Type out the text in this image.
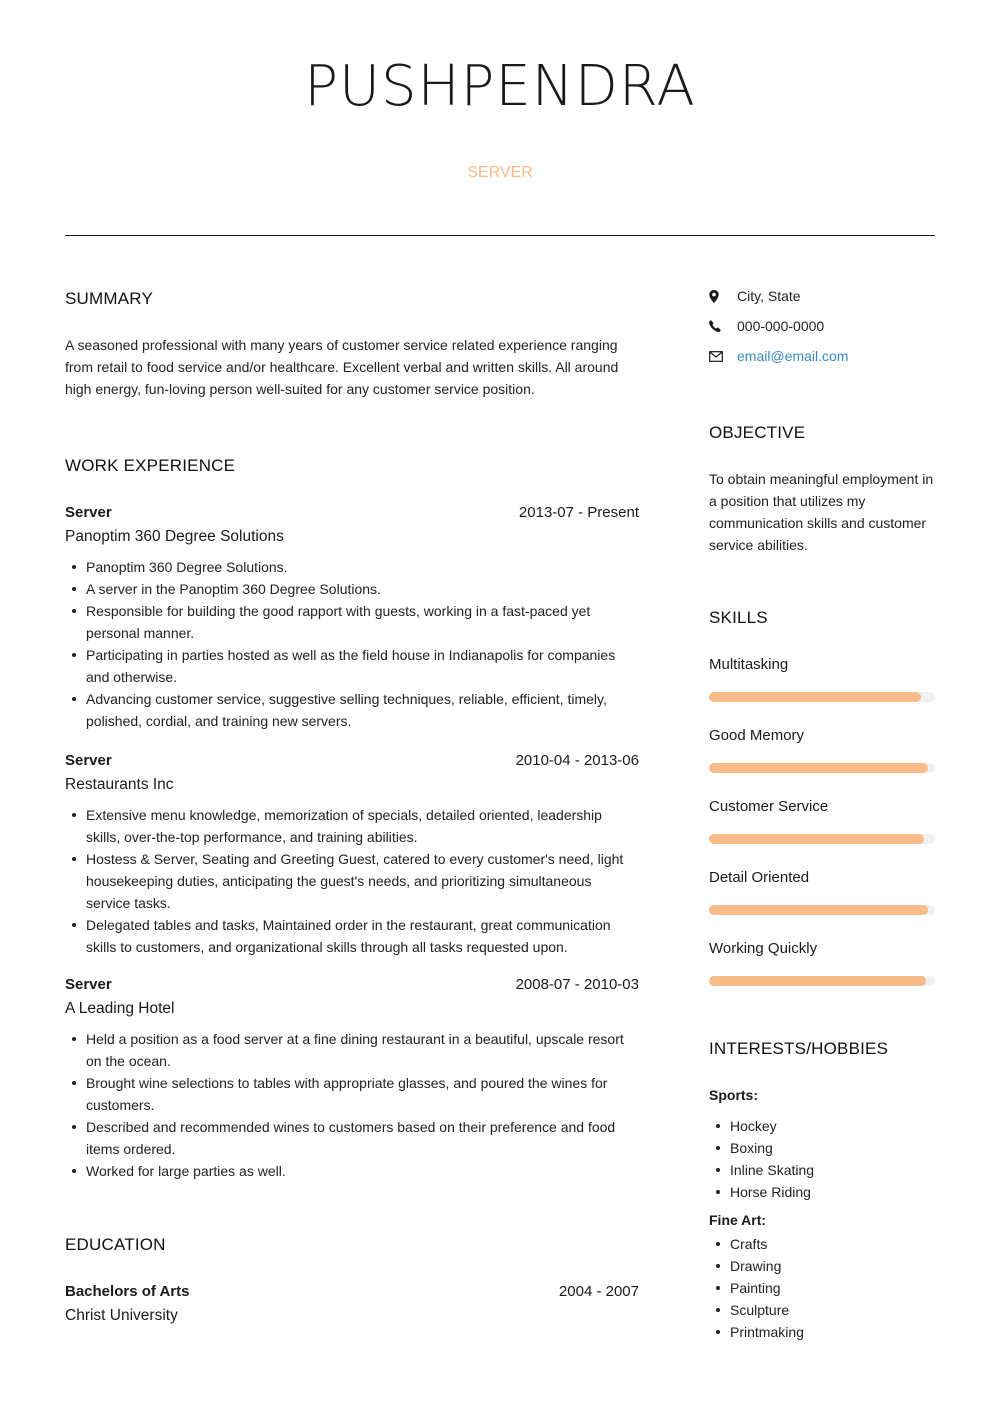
PUSHPENDRA
SERVER
SUMMARY
A seasoned professional with many years of customer service related experience ranging from retail to food service and/or healthcare. Excellent verbal and written skills. All around high energy, fun-loving person well-suited for any customer service position.
WORK EXPERIENCE
Server	2013-07 - Present
Panoptim 360 Degree Solutions
Panoptim 360 Degree Solutions.
A server in the Panoptim 360 Degree Solutions.
Responsible for building the good rapport with guests, working in a fast-paced yet personal manner.
Participating in parties hosted as well as the field house in Indianapolis for companies and otherwise.
Advancing customer service, suggestive selling techniques, reliable, efficient, timely, polished, cordial, and training new servers.
Server	2010-04 - 2013-06
Restaurants Inc
Extensive menu knowledge, memorization of specials, detailed oriented, leadership skills, over-the-top performance, and training abilities.
Hostess & Server, Seating and Greeting Guest, catered to every customer's need, light housekeeping duties, anticipating the guest's needs, and prioritizing simultaneous service tasks.
Delegated tables and tasks, Maintained order in the restaurant, great communication skills to customers, and organizational skills through all tasks requested upon.
Server	2008-07 - 2010-03
A Leading Hotel
Held a position as a food server at a fine dining restaurant in a beautiful, upscale resort on the ocean.
Brought wine selections to tables with appropriate glasses, and poured the wines for customers.
Described and recommended wines to customers based on their preference and food items ordered.
Worked for large parties as well.
EDUCATION
Bachelors of Arts	2004 - 2007
Christ University
City, State
000-000-0000
email@email.com
OBJECTIVE
To obtain meaningful employment in a position that utilizes my communication skills and customer service abilities.
SKILLS
Multitasking
Good Memory
Customer Service
Detail Oriented
Working Quickly
INTERESTS/HOBBIES
Sports:
Hockey
Boxing
Inline Skating
Horse Riding
Fine Art:
Crafts
Drawing
Painting
Sculpture
Printmaking
